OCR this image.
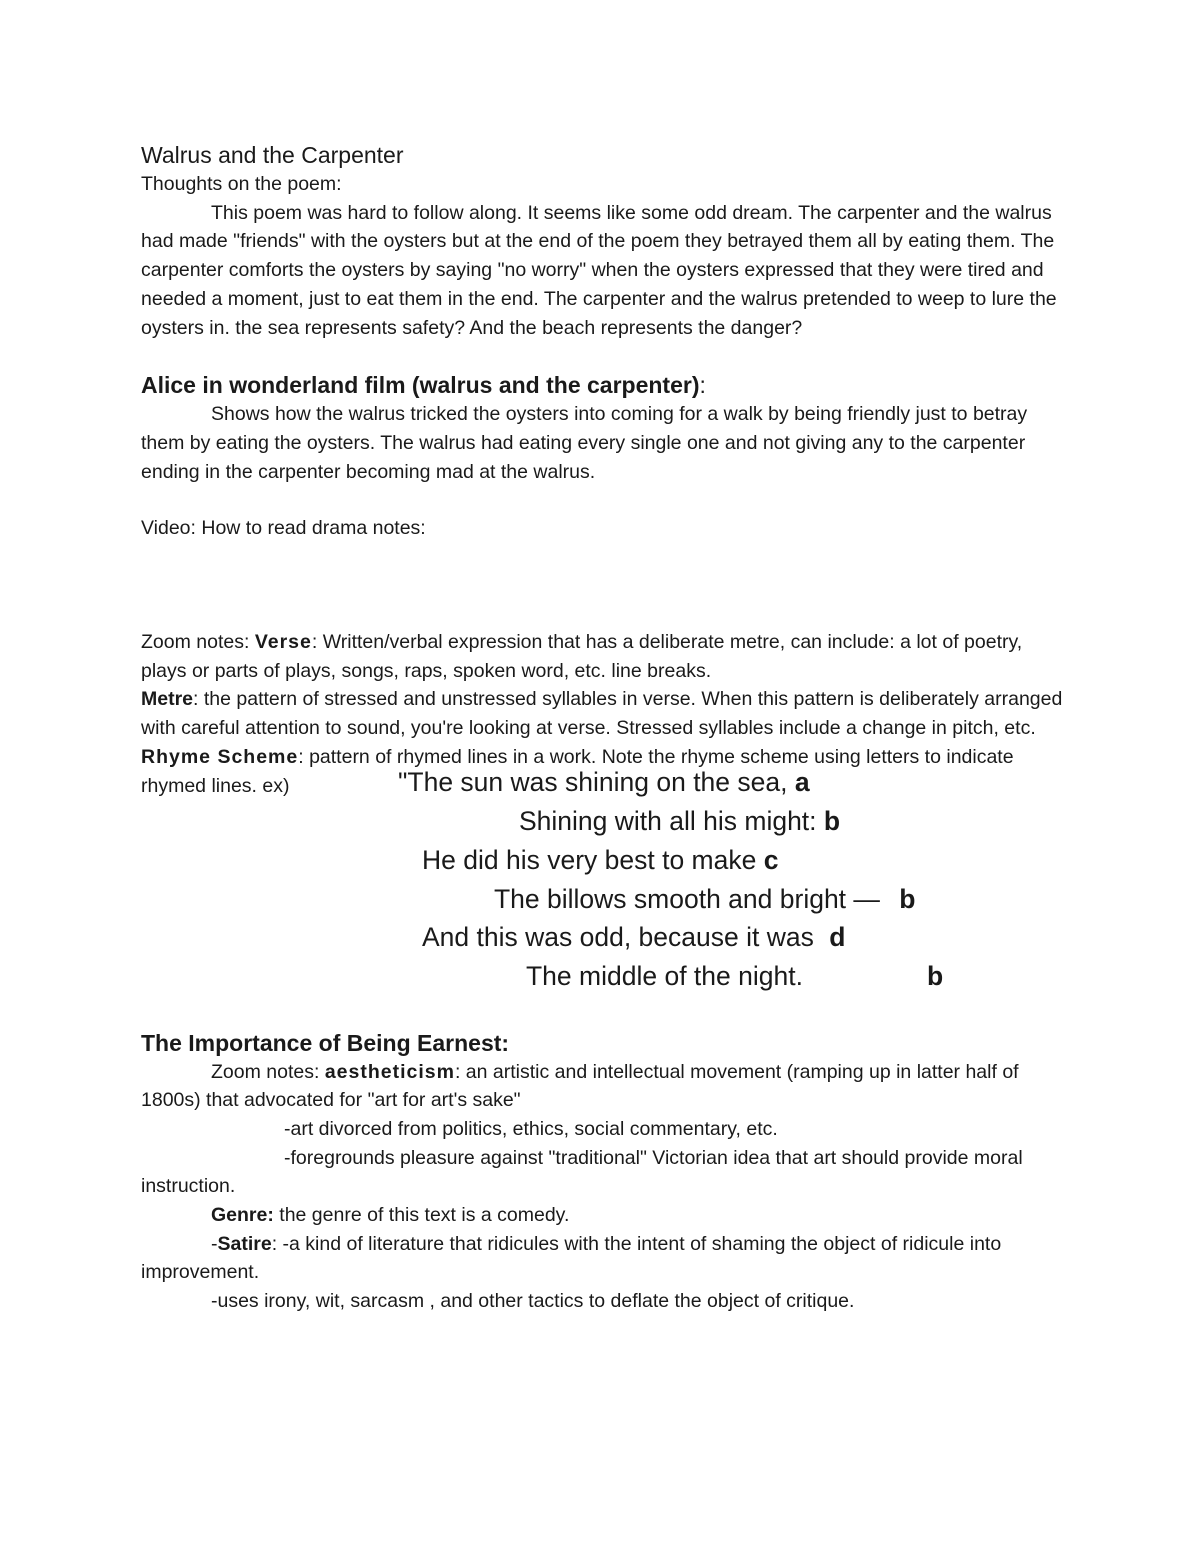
Walrus and the Carpenter

Thoughts on the poem:

This poem was hard to follow along. It seems like some odd dream. The carpenter and the walrus had made "friends" with the oysters but at the end of the poem they betrayed them all by eating them. The carpenter comforts the oysters by saying "no worry" when the oysters expressed that they were tired and needed a moment, just to eat them in the end. The carpenter and the walrus pretended to weep to lure the oysters in. the sea represents safety? And the beach represents the danger?

Alice in wonderland film (walrus and the carpenter):

Shows how the walrus tricked the oysters into coming for a walk by being friendly just to betray them by eating the oysters. The walrus had eating every single one and not giving any to the carpenter ending in the carpenter becoming mad at the walrus.

Video: How to read drama notes:

Zoom notes: Verse: Written/verbal expression that has a deliberate metre, can include: a lot of poetry, plays or parts of plays, songs, raps, spoken word, etc. line breaks.

Metre: the pattern of stressed and unstressed syllables in verse. When this pattern is deliberately arranged with careful attention to sound, you're looking at verse. Stressed syllables include a change in pitch, etc.

Rhyme Scheme: pattern of rhymed lines in a work. Note the rhyme scheme using letters to indicate rhymed lines. ex)	"The sun was shining on the sea, a
Shining with all his might: b
He did his very best to make c
The billows smooth and bright — b
And this was odd, because it was d
The middle of the night.	b
The Importance of Being Earnest:

Zoom notes: aestheticism: an artistic and intellectual movement (ramping up in latter half of 1800s) that advocated for "art for art's sake"

-art divorced from politics, ethics, social commentary, etc.

-foregrounds pleasure against "traditional" Victorian idea that art should provide moral instruction.

Genre: the genre of this text is a comedy.

-Satire: -a kind of literature that ridicules with the intent of shaming the object of ridicule into improvement.

-uses irony, wit, sarcasm , and other tactics to deflate the object of critique.
